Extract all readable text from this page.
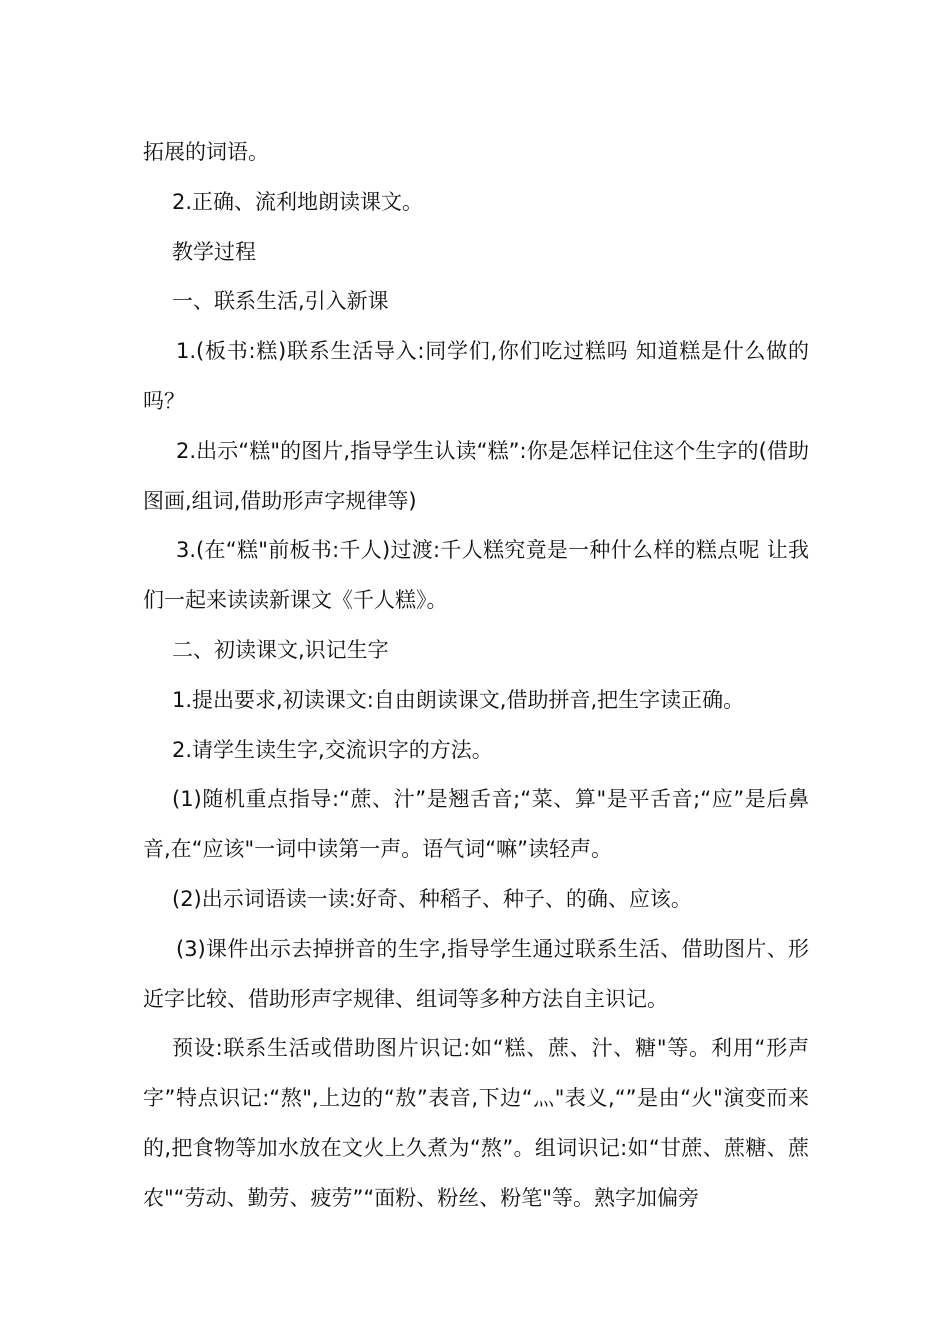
拓展的词语。

2.正确、流利地朗读课文。

教学过程

一、联系生活,引入新课

1.(板书:糕)联系生活导入:同学们,你们吃过糕吗 知道糕是什么做的吗？

2.出示“糕"的图片,指导学生认读“糕”:你是怎样记住这个生字的(借助图画,组词,借助形声字规律等)

3.(在“糕"前板书:千人)过渡:千人糕究竟是一种什么样的糕点呢 让我们一起来读读新课文《千人糕》。

二、初读课文,识记生字

1.提出要求,初读课文:自由朗读课文,借助拼音,把生字读正确。

2.请学生读生字,交流识字的方法。

(1)随机重点指导:“蔗、汁”是翘舌音;“菜、算"是平舌音;“应”是后鼻音,在“应该"一词中读第一声。语气词“嘛”读轻声。

(2)出示词语读一读:好奇、种稻子、种子、的确、应该。

(3)课件出示去掉拼音的生字,指导学生通过联系生活、借助图片、形近字比较、借助形声字规律、组词等多种方法自主识记。

预设:联系生活或借助图片识记:如“糕、蔗、汁、糖"等。利用“形声字”特点识记:“熬",上边的“敖”表音,下边“灬"表义,“”是由“火"演变而来的,把食物等加水放在文火上久煮为“熬”。组词识记:如“甘蔗、蔗糖、蔗农"“劳动、勤劳、疲劳”“面粉、粉丝、粉笔"等。熟字加偏旁
